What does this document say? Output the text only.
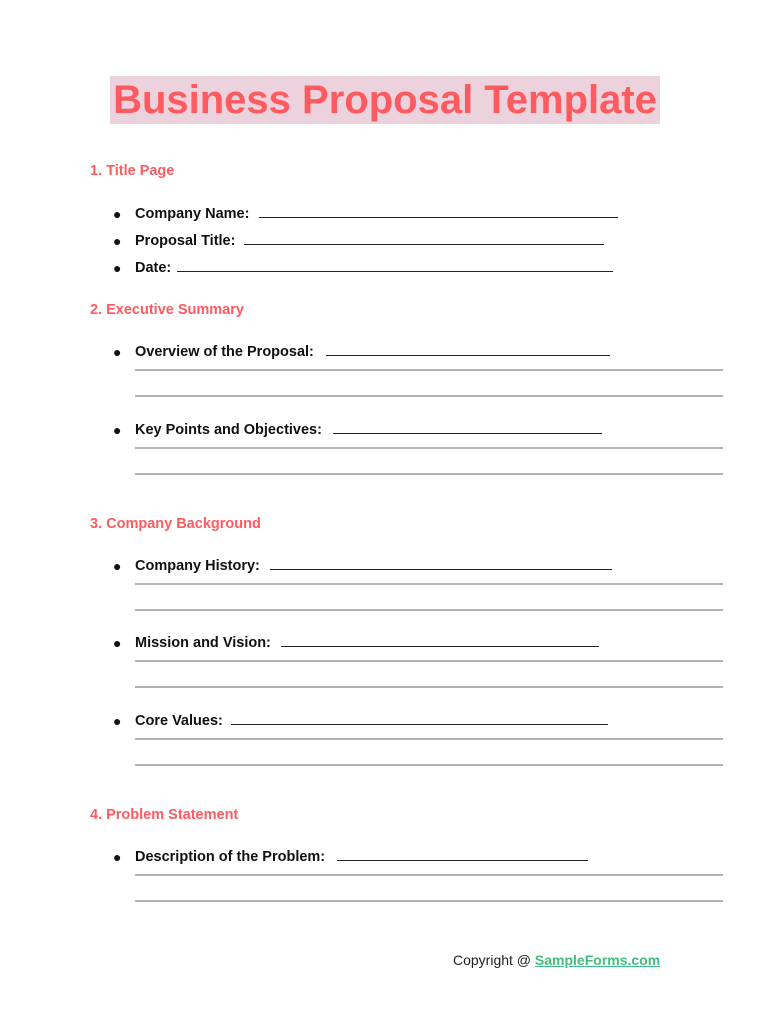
Business Proposal Template
1. Title Page
● Company Name:
● Proposal Title:
● Date:
2. Executive Summary
● Overview of the Proposal:
● Key Points and Objectives:
3. Company Background
● Company History:
● Mission and Vision:
● Core Values:
4. Problem Statement
● Description of the Problem:
Copyright @ SampleForms.com
